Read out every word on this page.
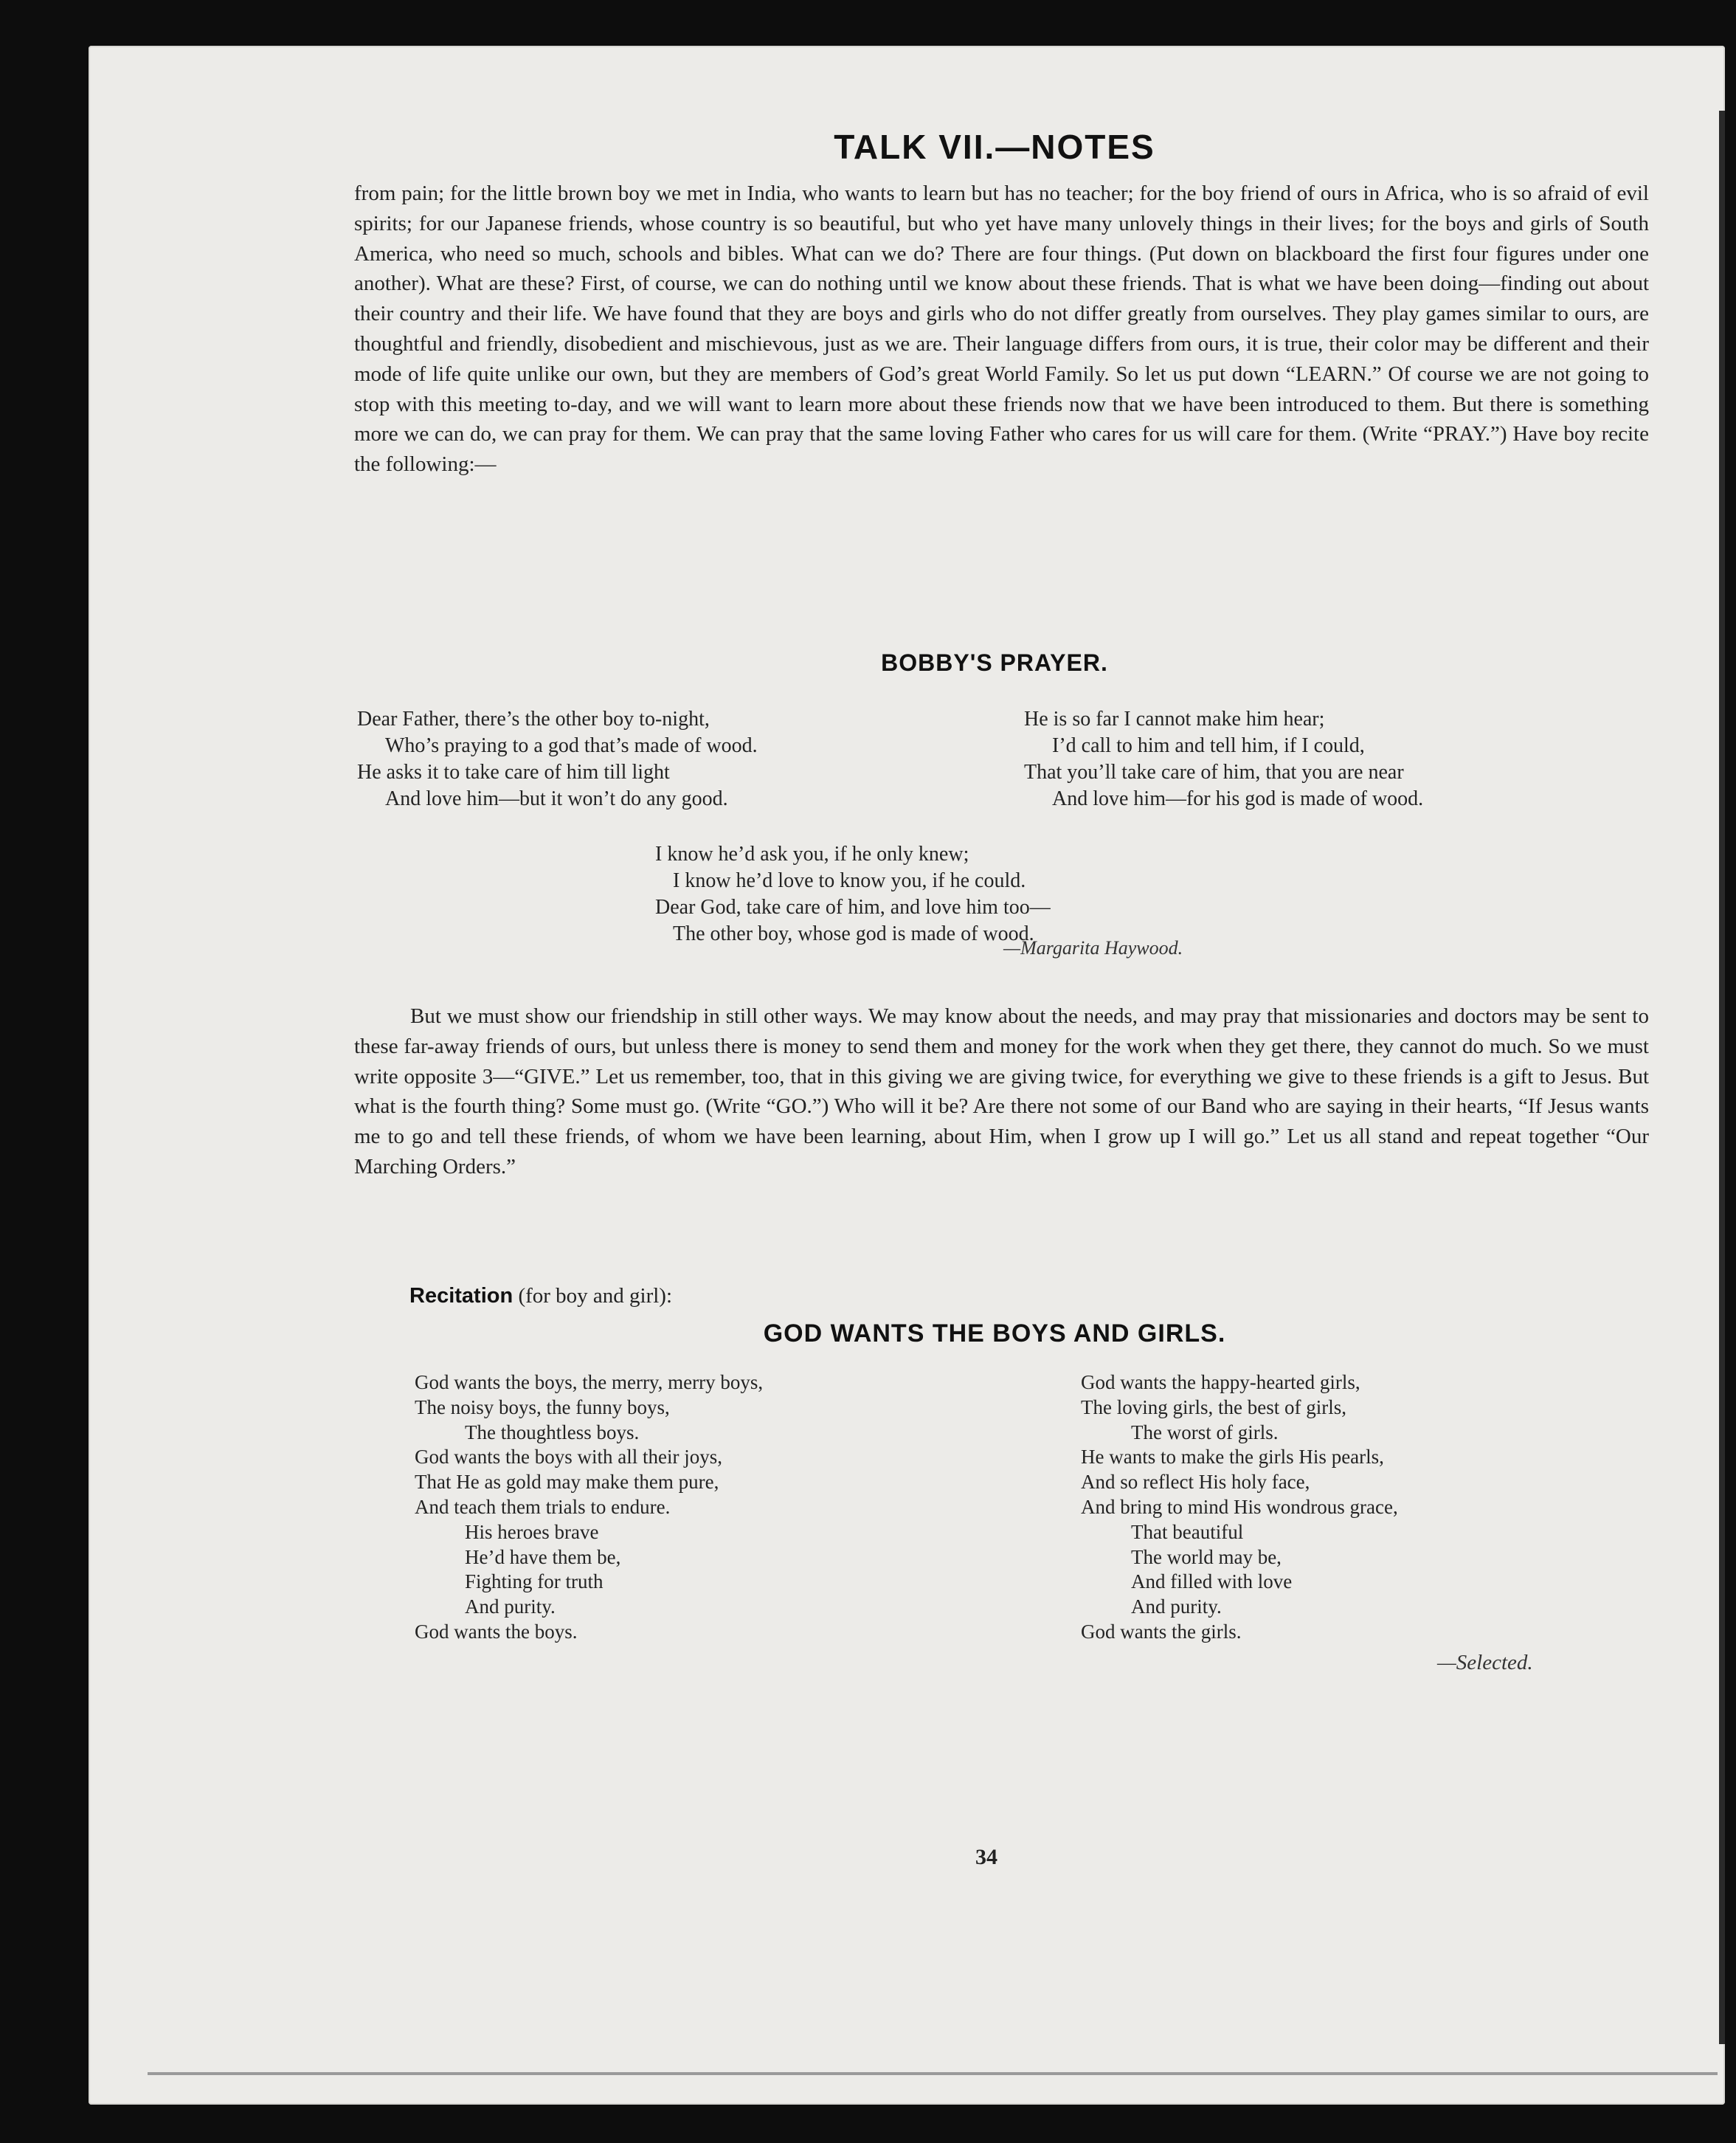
TALK VII.—NOTES

from pain; for the little brown boy we met in India, who wants to learn but has no teacher; for the boy friend of ours in Africa, who is so afraid of evil spirits; for our Japanese friends, whose country is so beautiful, but who yet have many unlovely things in their lives; for the boys and girls of South America, who need so much, schools and bibles. What can we do? There are four things. (Put down on blackboard the first four figures under one another). What are these? First, of course, we can do nothing until we know about these friends. That is what we have been doing—finding out about their country and their life. We have found that they are boys and girls who do not differ greatly from ourselves. They play games similar to ours, are thoughtful and friendly, disobedient and mischievous, just as we are. Their language differs from ours, it is true, their color may be different and their mode of life quite unlike our own, but they are members of God’s great World Family. So let us put down “LEARN.” Of course we are not going to stop with this meeting to-day, and we will want to learn more about these friends now that we have been introduced to them. But there is something more we can do, we can pray for them. We can pray that the same loving Father who cares for us will care for them. (Write “PRAY.”) Have boy recite the following:—

BOBBY'S PRAYER.
Dear Father, there’s the other boy to-night,
Who’s praying to a god that’s made of wood.
He asks it to take care of him till light
And love him—but it won’t do any good.
He is so far I cannot make him hear;
I’d call to him and tell him, if I could,
That you’ll take care of him, that you are near
And love him—for his god is made of wood.
I know he’d ask you, if he only knew;
I know he’d love to know you, if he could.
Dear God, take care of him, and love him too—
The other boy, whose god is made of wood.
—Margarita Haywood.

But we must show our friendship in still other ways. We may know about the needs, and may pray that missionaries and doctors may be sent to these far-away friends of ours, but unless there is money to send them and money for the work when they get there, they cannot do much. So we must write opposite 3—“GIVE.” Let us remember, too, that in this giving we are giving twice, for everything we give to these friends is a gift to Jesus. But what is the fourth thing? Some must go. (Write “GO.”) Who will it be? Are there not some of our Band who are saying in their hearts, “If Jesus wants me to go and tell these friends, of whom we have been learning, about Him, when I grow up I will go.” Let us all stand and repeat together “Our Marching Orders.”

Recitation (for boy and girl):
GOD WANTS THE BOYS AND GIRLS.
God wants the boys, the merry, merry boys,
The noisy boys, the funny boys,
The thoughtless boys.
God wants the boys with all their joys,
That He as gold may make them pure,
And teach them trials to endure.
His heroes brave
He’d have them be,
Fighting for truth
And purity.
God wants the boys.
God wants the happy-hearted girls,
The loving girls, the best of girls,
The worst of girls.
He wants to make the girls His pearls,
And so reflect His holy face,
And bring to mind His wondrous grace,
That beautiful
The world may be,
And filled with love
And purity.
God wants the girls.
—Selected.
34
